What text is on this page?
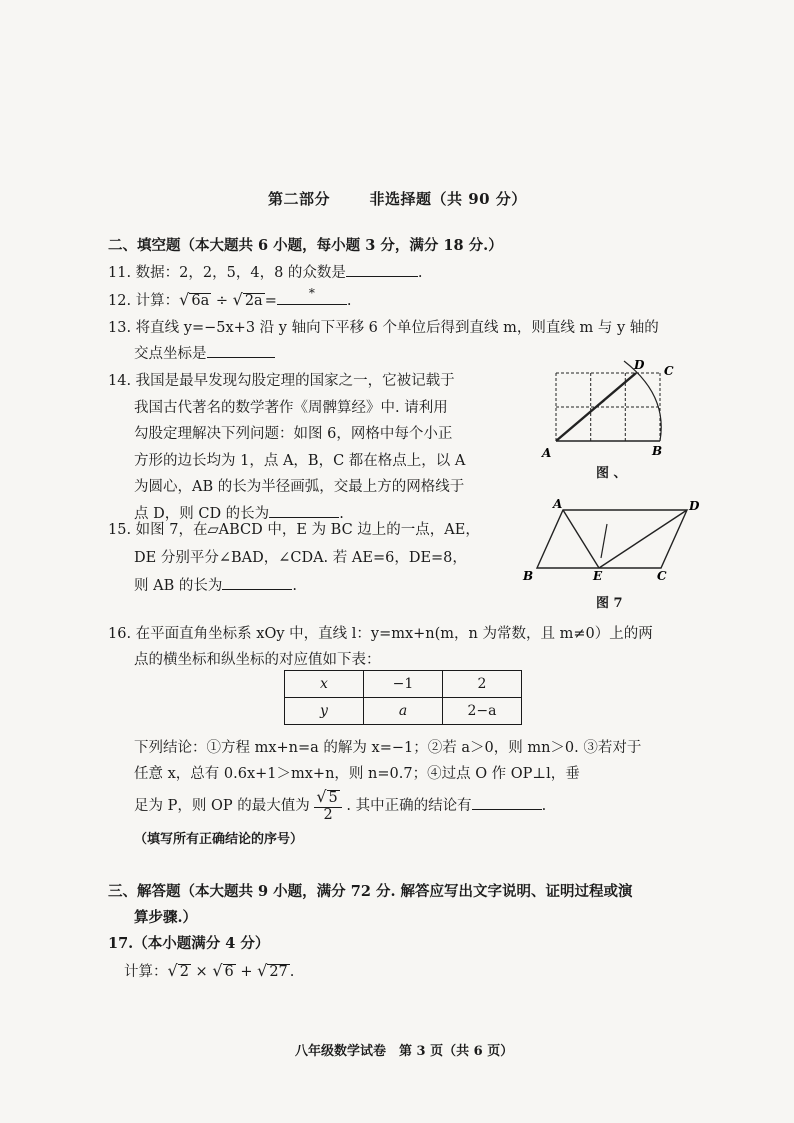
第二部分	非选择题（共 90 分）
二、填空题（本大题共 6 小题，每小题 3 分，满分 18 分.）
11. 数据：2，2，5，4，8 的众数是	.
12. 计算：√ 6a ÷ √ 2a =	* .
13. 将直线 y=−5x+3 沿 y 轴向下平移 6 个单位后得到直线 m，则直线 m 与 y 轴的
交点坐标是
14. 我国是最早发现勾股定理的国家之一，它被记载于
我国古代著名的数学著作《周髀算经》中. 请利用
勾股定理解决下列问题：如图 6，网格中每个小正
方形的边长均为 1，点 A，B，C 都在格点上，以 A
为圆心，AB 的长为半径画弧，交最上方的网格线于
点 D，则 CD 的长为	.
A	B
C
D
图 、
15. 如图 7，在▱ABCD 中，E 为 BC 边上的一点，AE，
DE 分别平分∠BAD，∠CDA. 若 AE=6，DE=8，
则 AB 的长为	.
A
B	C
D
E
图 7
16. 在平面直角坐标系 xOy 中，直线 l：y=mx+n(m，n 为常数，且 m≠0）上的两
点的横坐标和纵坐标的对应值如下表：
x	−1	2
y	a	2−a
下列结论：①方程 mx+n=a 的解为 x=−1；②若 a＞0，则 mn＞0. ③若对于
任意 x，总有 0.6x+1＞mx+n，则 n=0.7；④过点 O 作 OP⊥l，垂
足为 P，则 OP 的最大值为 $\frac{√ 5}{2}$ . 其中正确的结论有	.
（填写所有正确结论的序号）
三、解答题（本大题共 9 小题，满分 72 分. 解答应写出文字说明、证明过程或演
算步骤.）
17.（本小题满分 4 分）
计算：√ 2 × √ 6 + √ 27 .
八年级数学试卷　第 3 页（共 6 页）
